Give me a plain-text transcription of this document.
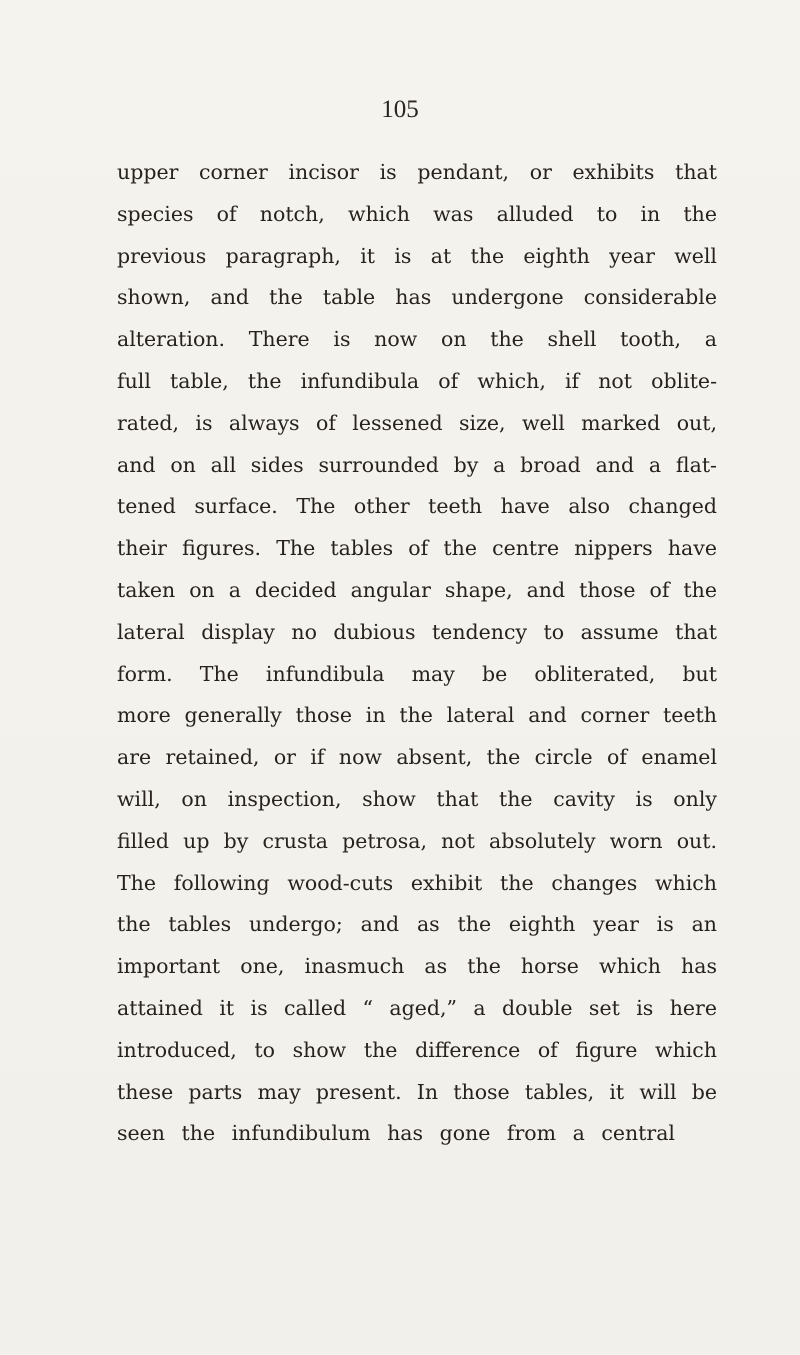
105
upper corner incisor is pendant, or exhibits that
species of notch, which was alluded to in the
previous paragraph, it is at the eighth year well
shown, and the table has undergone considerable
alteration. There is now on the shell tooth, a
full table, the infundibula of which, if not oblite-
rated, is always of lessened size, well marked out,
and on all sides surrounded by a broad and a flat-
tened surface. The other teeth have also changed
their figures. The tables of the centre nippers have
taken on a decided angular shape, and those of the
lateral display no dubious tendency to assume that
form. The infundibula may be obliterated, but
more generally those in the lateral and corner teeth
are retained, or if now absent, the circle of enamel
will, on inspection, show that the cavity is only
filled up by crusta petrosa, not absolutely worn out.
The following wood-cuts exhibit the changes which
the tables undergo; and as the eighth year is an
important one, inasmuch as the horse which has
attained it is called “ aged,” a double set is here
introduced, to show the difference of figure which
these parts may present. In those tables, it will be
seen the infundibulum has gone from a central
